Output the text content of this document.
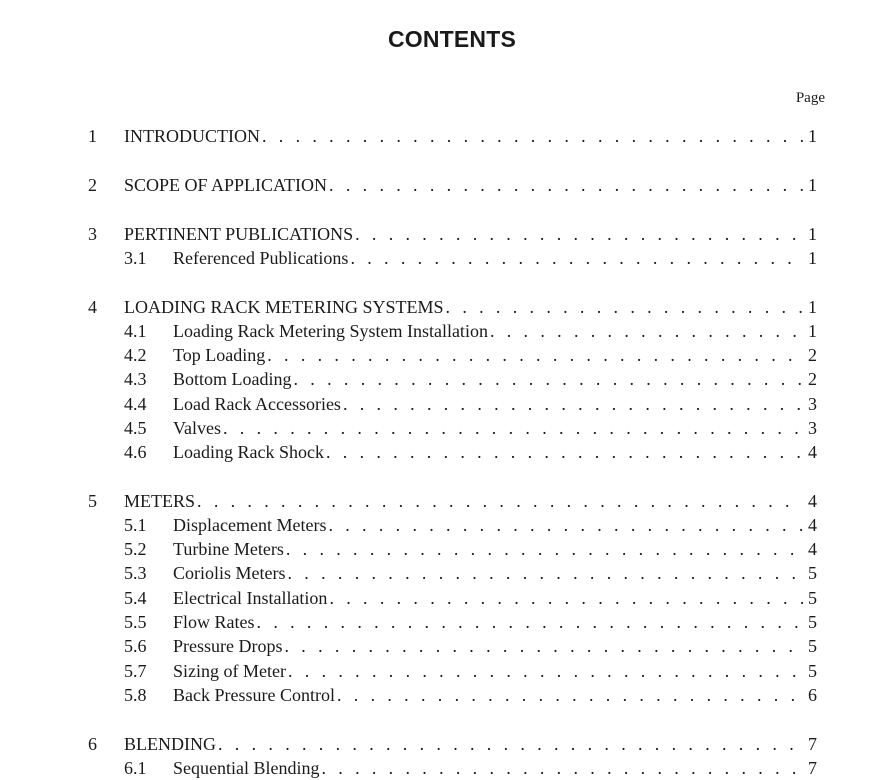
CONTENTS
Page
1 INTRODUCTION . . .	1
2 SCOPE OF APPLICATION . . .	1
3 PERTINENT PUBLICATIONS . . .	1
3.1 Referenced Publications . . .	1
4 LOADING RACK METERING SYSTEMS . . .	1
4.1 Loading Rack Metering System Installation . . .	1
4.2 Top Loading . . .	2
4.3 Bottom Loading . . .	2
4.4 Load Rack Accessories . . .	3
4.5 Valves . . .	3
4.6 Loading Rack Shock . . .	4
5 METERS . . .	4
5.1 Displacement Meters . . .	4
5.2 Turbine Meters . . .	4
5.3 Coriolis Meters . . .	5
5.4 Electrical Installation . . .	5
5.5 Flow Rates . . .	5
5.6 Pressure Drops . . .	5
5.7 Sizing of Meter . . .	5
5.8 Back Pressure Control . . .	6
6 BLENDING . . .	7
6.1 Sequential Blending . . .	7
